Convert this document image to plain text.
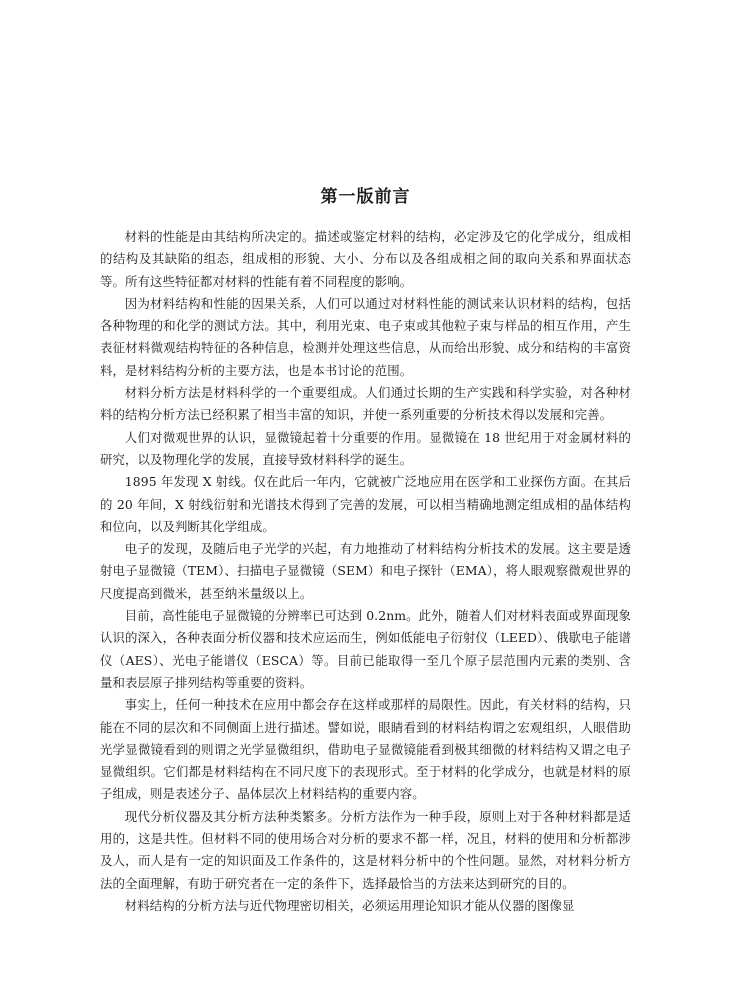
第一版前言

材料的性能是由其结构所决定的。描述或鉴定材料的结构，必定涉及它的化学成分，组成相的结构及其缺陷的组态，组成相的形貌、大小、分布以及各组成相之间的取向关系和界面状态等。所有这些特征都对材料的性能有着不同程度的影响。

因为材料结构和性能的因果关系，人们可以通过对材料性能的测试来认识材料的结构，包括各种物理的和化学的测试方法。其中，利用光束、电子束或其他粒子束与样品的相互作用，产生表征材料微观结构特征的各种信息，检测并处理这些信息，从而给出形貌、成分和结构的丰富资料，是材料结构分析的主要方法，也是本书讨论的范围。

材料分析方法是材料科学的一个重要组成。人们通过长期的生产实践和科学实验，对各种材料的结构分析方法已经积累了相当丰富的知识，并使一系列重要的分析技术得以发展和完善。

人们对微观世界的认识，显微镜起着十分重要的作用。显微镜在 18 世纪用于对金属材料的研究，以及物理化学的发展，直接导致材料科学的诞生。

1895 年发现 X 射线。仅在此后一年内，它就被广泛地应用在医学和工业探伤方面。在其后的 20 年间，X 射线衍射和光谱技术得到了完善的发展，可以相当精确地测定组成相的晶体结构和位向，以及判断其化学组成。

电子的发现，及随后电子光学的兴起，有力地推动了材料结构分析技术的发展。这主要是透射电子显微镜（TEM）、扫描电子显微镜（SEM）和电子探针（EMA），将人眼观察微观世界的尺度提高到微米，甚至纳米量级以上。

目前，高性能电子显微镜的分辨率已可达到 0.2nm。此外，随着人们对材料表面或界面现象认识的深入，各种表面分析仪器和技术应运而生，例如低能电子衍射仪（LEED）、俄歇电子能谱仪（AES）、光电子能谱仪（ESCA）等。目前已能取得一至几个原子层范围内元素的类别、含量和表层原子排列结构等重要的资料。

事实上，任何一种技术在应用中都会存在这样或那样的局限性。因此，有关材料的结构，只能在不同的层次和不同侧面上进行描述。譬如说，眼睛看到的材料结构谓之宏观组织，人眼借助光学显微镜看到的则谓之光学显微组织，借助电子显微镜能看到极其细微的材料结构又谓之电子显微组织。它们都是材料结构在不同尺度下的表现形式。至于材料的化学成分，也就是材料的原子组成，则是表述分子、晶体层次上材料结构的重要内容。

现代分析仪器及其分析方法种类繁多。分析方法作为一种手段，原则上对于各种材料都是适用的，这是共性。但材料不同的使用场合对分析的要求不都一样，况且，材料的使用和分析都涉及人，而人是有一定的知识面及工作条件的，这是材料分析中的个性问题。显然，对材料分析方法的全面理解，有助于研究者在一定的条件下，选择最恰当的方法来达到研究的目的。

材料结构的分析方法与近代物理密切相关，必须运用理论知识才能从仪器的图像显
